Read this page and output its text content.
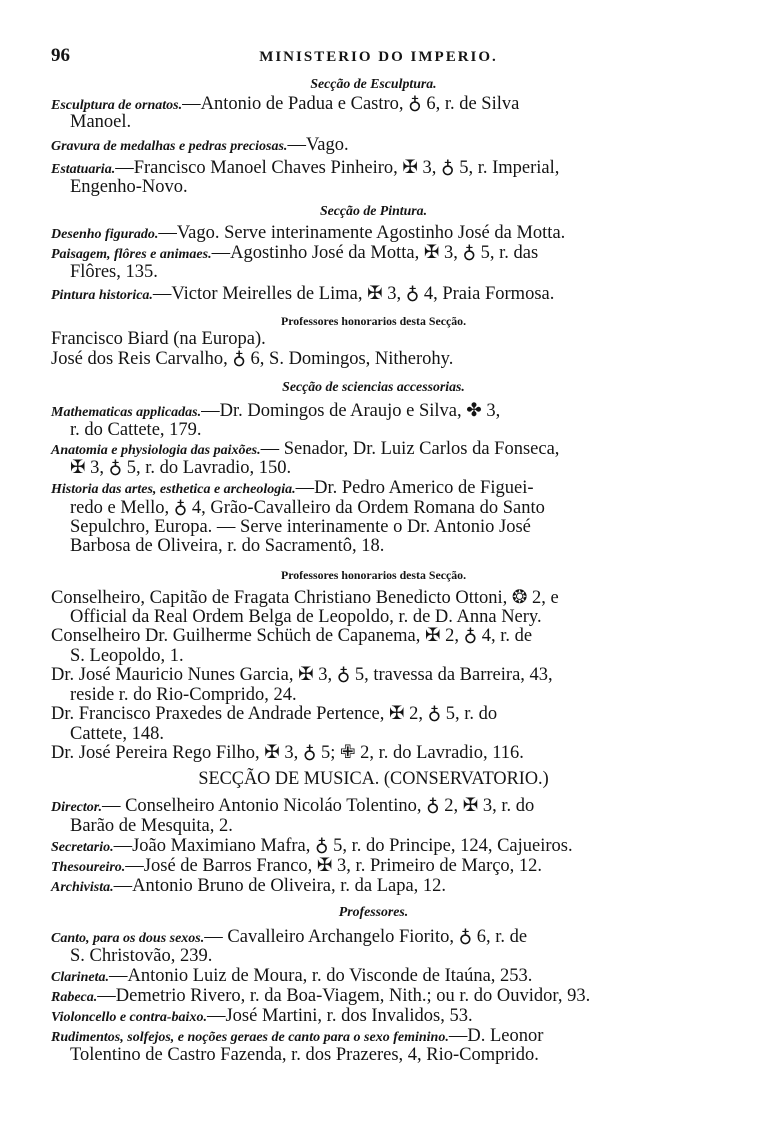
96	MINISTERIO DO IMPERIO.
Secção de Esculptura.
Esculptura de ornatos.—Antonio de Padua e Castro, ♁ 6, r. de Silva
Manoel.
Gravura de medalhas e pedras preciosas.—Vago.
Estatuaria.—Francisco Manoel Chaves Pinheiro, ✠ 3, ♁ 5, r. Imperial,
Engenho-Novo.
Secção de Pintura.
Desenho figurado.—Vago. Serve interinamente Agostinho José da Motta.
Paisagem, flôres e animaes.—Agostinho José da Motta, ✠ 3, ♁ 5, r. das
Flôres, 135.
Pintura historica.—Victor Meirelles de Lima, ✠ 3, ♁ 4, Praia Formosa.
Professores honorarios desta Secção.
Francisco Biard (na Europa).
José dos Reis Carvalho, ♁ 6, S. Domingos, Nitherohy.
Secção de sciencias accessorias.
Mathematicas applicadas.—Dr. Domingos de Araujo e Silva, ✤ 3,
r. do Cattete, 179.
Anatomia e physiologia das paixões.— Senador, Dr. Luiz Carlos da Fonseca,
✠ 3, ♁ 5, r. do Lavradio, 150.
Historia das artes, esthetica e archeologia.—Dr. Pedro Americo de Figuei-
redo e Mello, ♁ 4, Grão-Cavalleiro da Ordem Romana do Santo
Sepulchro, Europa. — Serve interinamente o Dr. Antonio José
Barbosa de Oliveira, r. do Sacramentô, 18.
Professores honorarios desta Secção.
Conselheiro, Capitão de Fragata Christiano Benedicto Ottoni, ❂ 2, e
Official da Real Ordem Belga de Leopoldo, r. de D. Anna Nery.
Conselheiro Dr. Guilherme Schüch de Capanema, ✠ 2, ♁ 4, r. de
S. Leopoldo, 1.
Dr. José Mauricio Nunes Garcia, ✠ 3, ♁ 5, travessa da Barreira, 43,
reside r. do Rio-Comprido, 24.
Dr. Francisco Praxedes de Andrade Pertence, ✠ 2, ♁ 5, r. do
Cattete, 148.
Dr. José Pereira Rego Filho, ✠ 3, ♁ 5; ✙ 2, r. do Lavradio, 116.
SECÇÃO DE MUSICA. (CONSERVATORIO.)
Director.— Conselheiro Antonio Nicoláo Tolentino, ♁ 2, ✠ 3, r. do
Barão de Mesquita, 2.
Secretario.—João Maximiano Mafra, ♁ 5, r. do Principe, 124, Cajueiros.
Thesoureiro.—José de Barros Franco, ✠ 3, r. Primeiro de Março, 12.
Archivista.—Antonio Bruno de Oliveira, r. da Lapa, 12.
Professores.
Canto, para os dous sexos.— Cavalleiro Archangelo Fiorito, ♁ 6, r. de
S. Christovão, 239.
Clarineta.—Antonio Luiz de Moura, r. do Visconde de Itaúna, 253.
Rabeca.—Demetrio Rivero, r. da Boa-Viagem, Nith.; ou r. do Ouvidor, 93.
Violoncello e contra-baixo.—José Martini, r. dos Invalidos, 53.
Rudimentos, solfejos, e noções geraes de canto para o sexo feminino.—D. Leonor
Tolentino de Castro Fazenda, r. dos Prazeres, 4, Rio-Comprido.
